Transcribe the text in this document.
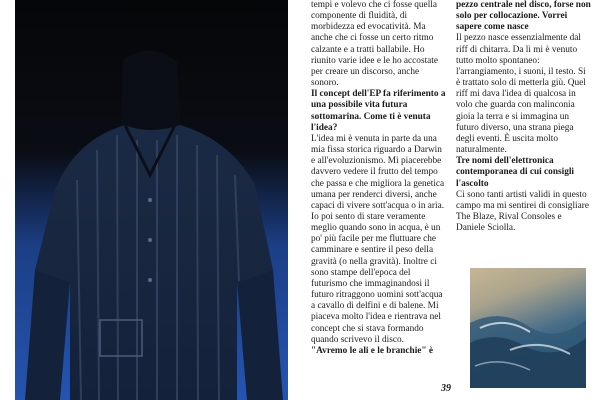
tempi e volevo che ci fosse quella componente di fluidità, di morbidezza ed evocatività. Ma anche che ci fosse un certo ritmo calzante e a tratti ballabile. Ho riunito varie idee e le ho accostate per creare un discorso, anche sonoro.

Il concept dell'EP fa riferimento a una possibile vita futura sottomarina. Come ti è venuta l'idea?

L'idea mi è venuta in parte da una mia fissa storica riguardo a Darwin e all'evoluzionismo. Mi piacerebbe davvero vedere il frutto del tempo che passa e che migliora la genetica umana per renderci diversi, anche capaci di vivere sott'acqua o in aria. Io poi sento di stare veramente meglio quando sono in acqua, è un po' più facile per me fluttuare che camminare e sentire il peso della gravità (o nella gravità). Inoltre ci sono stampe dell'epoca del futurismo che immaginandosi il futuro ritraggono uomini sott'acqua a cavallo di delfini e di balene. Mi piaceva molto l'idea e rientrava nel concept che si stava formando quando scrivevo il disco.

"Avremo le ali e le branchie" è

pezzo centrale nel disco, forse non solo per collocazione. Vorrei sapere come nasce

Il pezzo nasce essenzialmente dal riff di chitarra. Da lì mi è venuto tutto molto spontaneo: l'arrangiamento, i suoni, il testo. Si è trattato solo di metterla giù. Quel riff mi dava l'idea di qualcosa in volo che guarda con malinconia gioia la terra e si immagina un futuro diverso, una strana piega degli eventi. È uscita molto naturalmente.

Tre nomi dell'elettronica contemporanea di cui consigli l'ascolto

Ci sono tanti artisti validi in questo campo ma mi sentirei di consigliare The Blaze, Rival Consoles e Daniele Sciolla.

39
